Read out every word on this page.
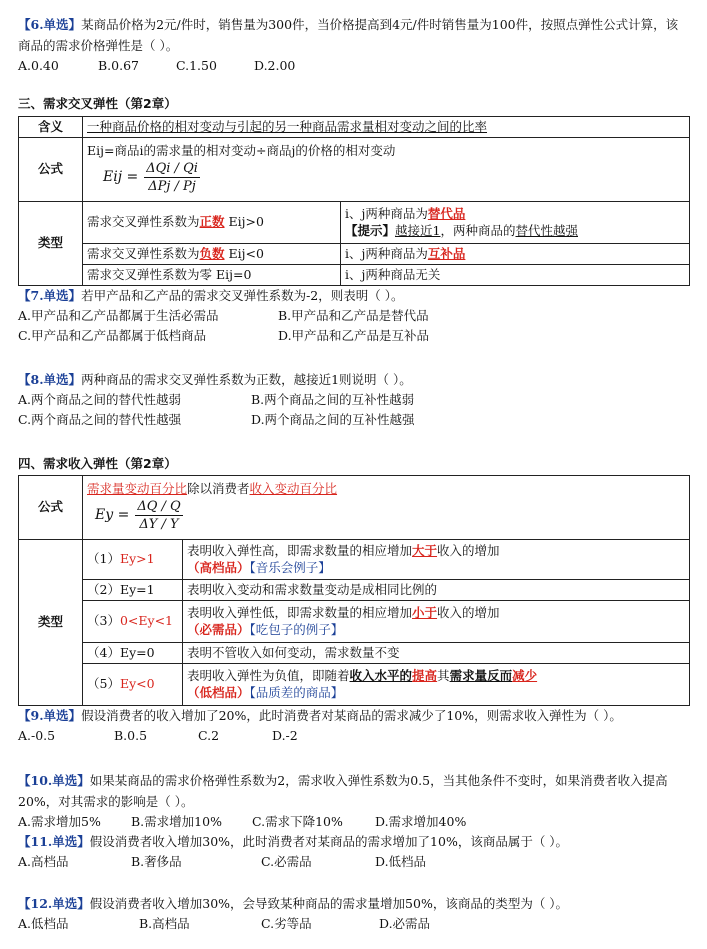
【6.单选】某商品价格为2元/件时，销售量为300件，当价格提高到4元/件时销售量为100件，按照点弹性公式计算，该商品的需求价格弹性是（ ）。
A.0.40	B.0.67	C.1.50	D.2.00
三、需求交叉弹性（第2章）
含义	一种商品价格的相对变动与引起的另一种商品需求量相对变动之间的比率	
公式	Eij=商品i的需求量的相对变动÷商品j的价格的相对变动
Eij = $\frac{\text{ΔQi / Qi}}{\text{ΔPj / Pj}}$

类型	需求交叉弹性系数为正数 Eij>0	i、j两种商品为替代品
【提示】越接近1，两种商品的替代性越强

	需求交叉弹性系数为负数 Eij<0	i、j两种商品为互补品
	需求交叉弹性系数为零 Eij=0	i、j两种商品无关
【7.单选】若甲产品和乙产品的需求交叉弹性系数为-2，则表明（ ）。
A.甲产品和乙产品都属于生活必需品	B.甲产品和乙产品是替代品
C.甲产品和乙产品都属于低档商品	D.甲产品和乙产品是互补品
【8.单选】两种商品的需求交叉弹性系数为正数，越接近1则说明（ ）。
A.两个商品之间的替代性越弱	B.两个商品之间的互补性越弱
C.两个商品之间的替代性越强	D.两个商品之间的互补性越强
四、需求收入弹性（第2章）
公式	需求量变动百分比除以消费者收入变动百分比
$Ey = \frac{\Delta Q / Q}{\Delta Y / Y}$

类型	（1）Ey>1	表明收入弹性高，即需求数量的相应增加大于收入的增加
（高档品）【音乐会例子】

	（2）Ey=1	表明收入变动和需求数量变动是成相同比例的
	（3）0<Ey<1	表明收入弹性低，即需求数量的相应增加小于收入的增加
（必需品）【吃包子的例子】

	（4）Ey=0	表明不管收入如何变动，需求数量不变
	（5）Ey<0	表明收入弹性为负值，即随着收入水平的提高其需求量反而减少
（低档品）【品质差的商品】
【9.单选】假设消费者的收入增加了20%，此时消费者对某商品的需求减少了10%，则需求收入弹性为（ ）。
A.-0.5	B.0.5	C.2	D.-2
【10.单选】如果某商品的需求价格弹性系数为2，需求收入弹性系数为0.5，当其他条件不变时，如果消费者收入提高20%，对其需求的影响是（ ）。
A.需求增加5%	B.需求增加10%	C.需求下降10%	D.需求增加40%
【11.单选】假设消费者收入增加30%，此时消费者对某商品的需求增加了10%，该商品属于（ ）。
A.高档品	B.奢侈品	C.必需品	D.低档品
【12.单选】假设消费者收入增加30%，会导致某种商品的需求量增加50%，该商品的类型为（ ）。
A.低档品	B.高档品	C.劣等品	D.必需品
